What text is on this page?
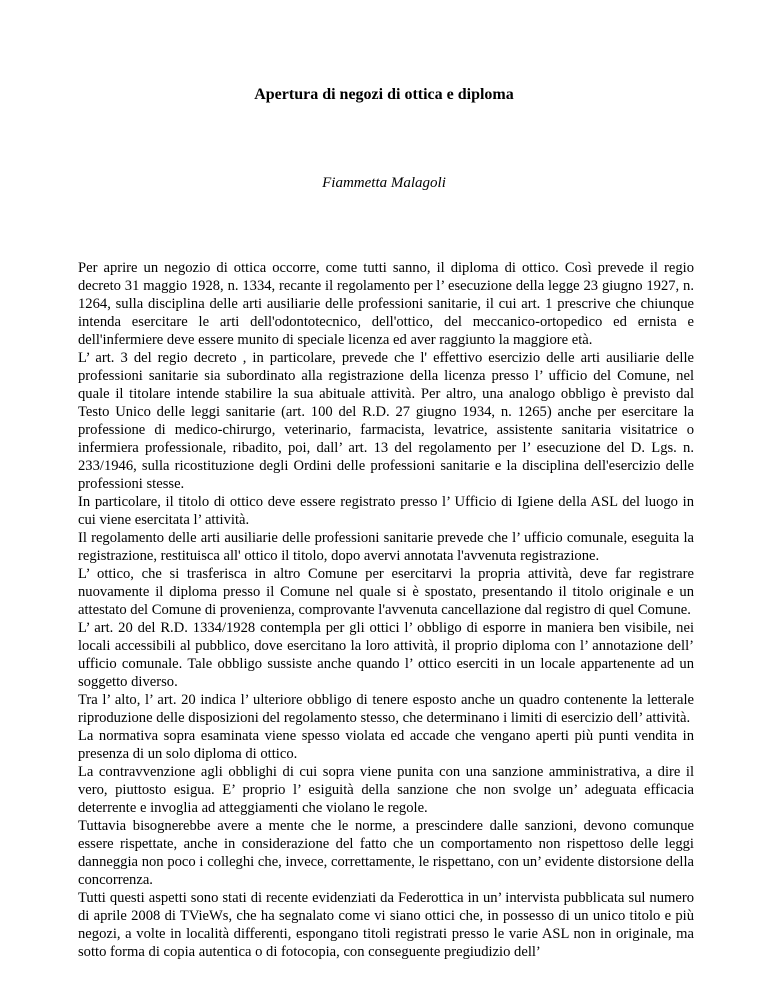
Apertura di negozi di ottica e diploma
Fiammetta Malagoli

Per aprire un negozio di ottica occorre, come tutti sanno, il diploma di ottico. Così prevede il regio decreto 31 maggio 1928, n. 1334, recante il regolamento per l’ esecuzione della legge 23 giugno 1927, n. 1264, sulla disciplina delle arti ausiliarie delle professioni sanitarie, il cui art. 1 prescrive che chiunque intenda esercitare le arti dell'odontotecnico, dell'ottico, del meccanico-ortopedico ed ernista e dell'infermiere deve essere munito di speciale licenza ed aver raggiunto la maggiore età.

L’ art. 3 del regio decreto , in particolare, prevede che l' effettivo esercizio delle arti ausiliarie delle professioni sanitarie sia subordinato alla registrazione della licenza presso l’ ufficio del Comune, nel quale il titolare intende stabilire la sua abituale attività. Per altro, una analogo obbligo è previsto dal Testo Unico delle leggi sanitarie (art. 100 del R.D. 27 giugno 1934, n. 1265) anche per esercitare la professione di medico-chirurgo, veterinario, farmacista, levatrice, assistente sanitaria visitatrice o infermiera professionale, ribadito, poi, dall’ art. 13 del regolamento per l’ esecuzione del D. Lgs. n. 233/1946, sulla ricostituzione degli Ordini delle professioni sanitarie e la disciplina dell'esercizio delle professioni stesse.

In particolare, il titolo di ottico deve essere registrato presso l’ Ufficio di Igiene della ASL del luogo in cui viene esercitata l’ attività.

Il regolamento delle arti ausiliarie delle professioni sanitarie prevede che l’ ufficio comunale, eseguita la registrazione, restituisca all' ottico il titolo, dopo avervi annotata l'avvenuta registrazione.

L’ ottico, che si trasferisca in altro Comune per esercitarvi la propria attività, deve far registrare nuovamente il diploma presso il Comune nel quale si è spostato, presentando il titolo originale e un attestato del Comune di provenienza, comprovante l'avvenuta cancellazione dal registro di quel Comune.

L’ art. 20 del R.D. 1334/1928 contempla per gli ottici l’ obbligo di esporre in maniera ben visibile, nei locali accessibili al pubblico, dove esercitano la loro attività, il proprio diploma con l’ annotazione dell’ ufficio comunale. Tale obbligo sussiste anche quando l’ ottico eserciti in un locale appartenente ad un soggetto diverso.

Tra l’ alto, l’ art. 20 indica l’ ulteriore obbligo di tenere esposto anche un quadro contenente la letterale riproduzione delle disposizioni del regolamento stesso, che determinano i limiti di esercizio dell’ attività.

La normativa sopra esaminata viene spesso violata ed accade che vengano aperti più punti vendita in presenza di un solo diploma di ottico.

La contravvenzione agli obblighi di cui sopra viene punita con una sanzione amministrativa, a dire il vero, piuttosto esigua. E’ proprio l’ esiguità della sanzione che non svolge un’ adeguata efficacia deterrente e invoglia ad atteggiamenti che violano le regole.

Tuttavia bisognerebbe avere a mente che le norme, a prescindere dalle sanzioni, devono comunque essere rispettate, anche in considerazione del fatto che un comportamento non rispettoso delle leggi danneggia non poco i colleghi che, invece, correttamente, le rispettano, con un’ evidente distorsione della concorrenza.

Tutti questi aspetti sono stati di recente evidenziati da Federottica in un’ intervista pubblicata sul numero di aprile 2008 di TVieWs, che ha segnalato come vi siano ottici che, in possesso di un unico titolo e più negozi, a volte in località differenti, espongano titoli registrati presso le varie ASL non in originale, ma sotto forma di copia autentica o di fotocopia, con conseguente pregiudizio dell’
